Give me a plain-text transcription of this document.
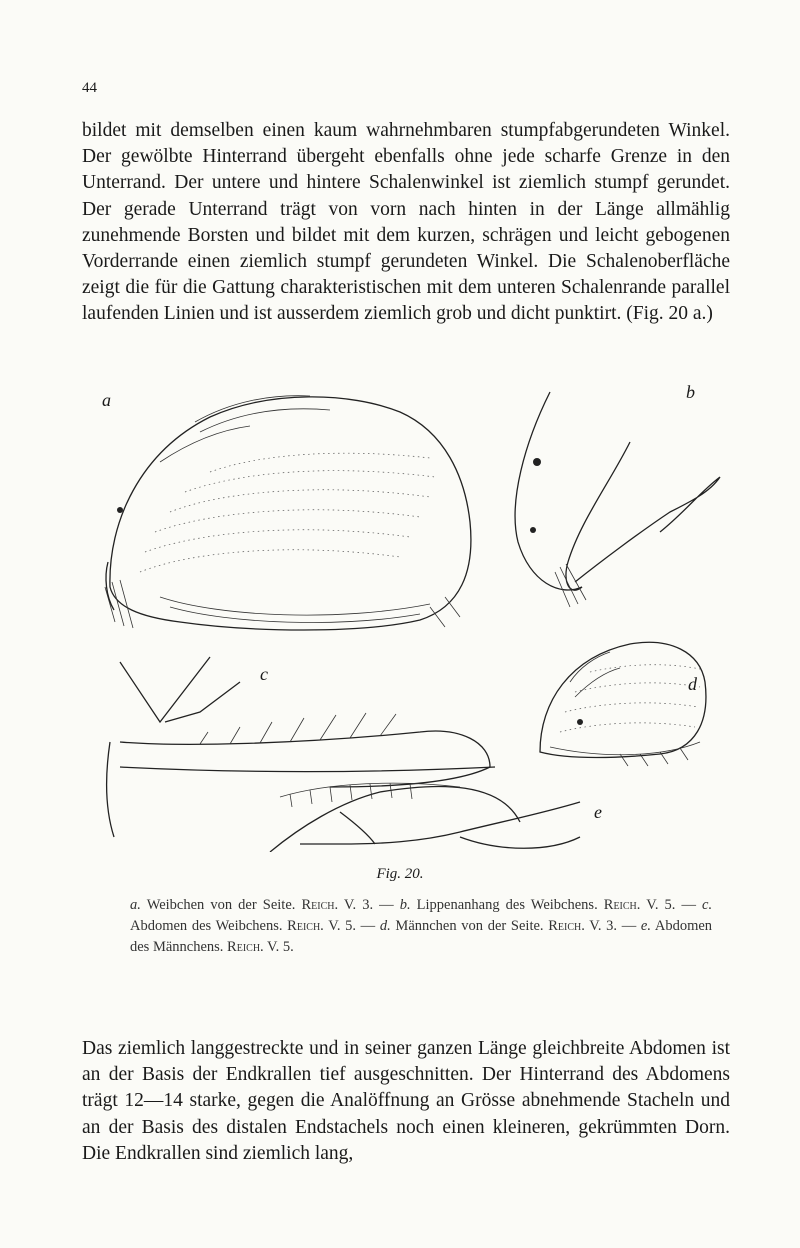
44

bildet mit demselben einen kaum wahrnehmbaren stumpfabgerundeten Winkel. Der gewölbte Hinterrand übergeht ebenfalls ohne jede scharfe Grenze in den Unterrand. Der untere und hintere Schalenwinkel ist ziemlich stumpf gerundet. Der gerade Unterrand trägt von vorn nach hinten in der Länge allmählig zunehmende Borsten und bildet mit dem kurzen, schrägen und leicht gebogenen Vorderrande einen ziemlich stumpf gerundeten Winkel. Die Schalenoberfläche zeigt die für die Gattung charakteristischen mit dem unteren Schalenrande parallel laufenden Linien und ist ausserdem ziemlich grob und dicht punktirt. (Fig. 20 a.)

a	b
c	d
e
Fig. 20.

a. Weibchen von der Seite. Reich. V. 3. — b. Lippenanhang des Weibchens. Reich. V. 5. — c. Abdomen des Weibchens. Reich. V. 5. — d. Männchen von der Seite. Reich. V. 3. — e. Abdomen des Männchens. Reich. V. 5.

Das ziemlich langgestreckte und in seiner ganzen Länge gleichbreite Abdomen ist an der Basis der Endkrallen tief ausgeschnitten. Der Hinterrand des Abdomens trägt 12—14 starke, gegen die Analöffnung an Grösse abnehmende Stacheln und an der Basis des distalen Endstachels noch einen kleineren, gekrümmten Dorn. Die Endkrallen sind ziemlich lang,
